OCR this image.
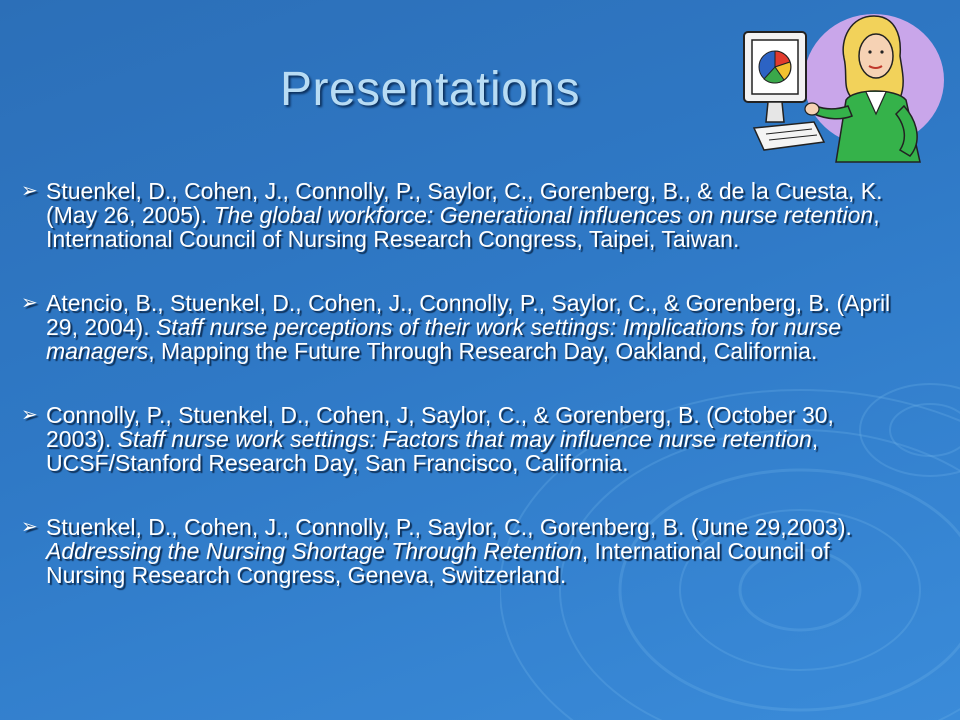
Presentations
➢ Stuenkel, D., Cohen, J., Connolly, P., Saylor, C., Gorenberg, B., & de la Cuesta, K. (May 26, 2005). The global workforce: Generational influences on nurse retention, International Council of Nursing Research Congress, Taipei, Taiwan.
➢ Atencio, B., Stuenkel, D., Cohen, J., Connolly, P., Saylor, C., & Gorenberg, B. (April 29, 2004). Staff nurse perceptions of their work settings: Implications for nurse managers, Mapping the Future Through Research Day, Oakland, California.
➢ Connolly, P., Stuenkel, D., Cohen, J, Saylor, C., & Gorenberg, B. (October 30, 2003). Staff nurse work settings: Factors that may influence nurse retention, UCSF/Stanford Research Day, San Francisco, California.
➢ Stuenkel, D., Cohen, J., Connolly, P., Saylor, C., Gorenberg, B. (June 29,2003). Addressing the Nursing Shortage Through Retention, International Council of Nursing Research Congress, Geneva, Switzerland.
